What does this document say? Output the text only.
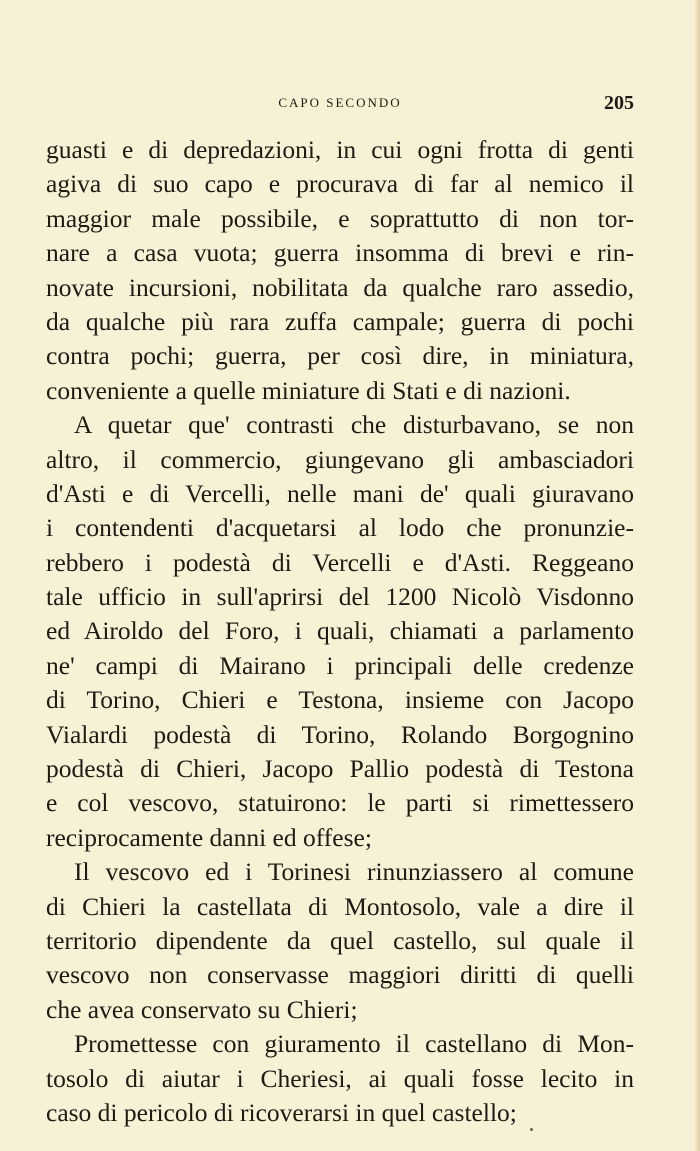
CAPO SECONDO	205
guasti e di depredazioni, in cui ogni frotta di genti
agiva di suo capo e procurava di far al nemico il
maggior male possibile, e soprattutto di non tor-
nare a casa vuota; guerra insomma di brevi e rin-
novate incursioni, nobilitata da qualche raro assedio,
da qualche più rara zuffa campale; guerra di pochi
contra pochi; guerra, per così dire, in miniatura,
conveniente a quelle miniature di Stati e di nazioni.
A quetar que' contrasti che disturbavano, se non
altro, il commercio, giungevano gli ambasciadori
d'Asti e di Vercelli, nelle mani de' quali giuravano
i contendenti d'acquetarsi al lodo che pronunzie-
rebbero i podestà di Vercelli e d'Asti. Reggeano
tale ufficio in sull'aprirsi del 1200 Nicolò Visdonno
ed Airoldo del Foro, i quali, chiamati a parlamento
ne' campi di Mairano i principali delle credenze
di Torino, Chieri e Testona, insieme con Jacopo
Vialardi podestà di Torino, Rolando Borgognino
podestà di Chieri, Jacopo Pallio podestà di Testona
e col vescovo, statuirono: le parti si rimettessero
reciprocamente danni ed offese;
Il vescovo ed i Torinesi rinunziassero al comune
di Chieri la castellata di Montosolo, vale a dire il
territorio dipendente da quel castello, sul quale il
vescovo non conservasse maggiori diritti di quelli
che avea conservato su Chieri;
Promettesse con giuramento il castellano di Mon-
tosolo di aiutar i Cheriesi, ai quali fosse lecito in
caso di pericolo di ricoverarsi in quel castello;
